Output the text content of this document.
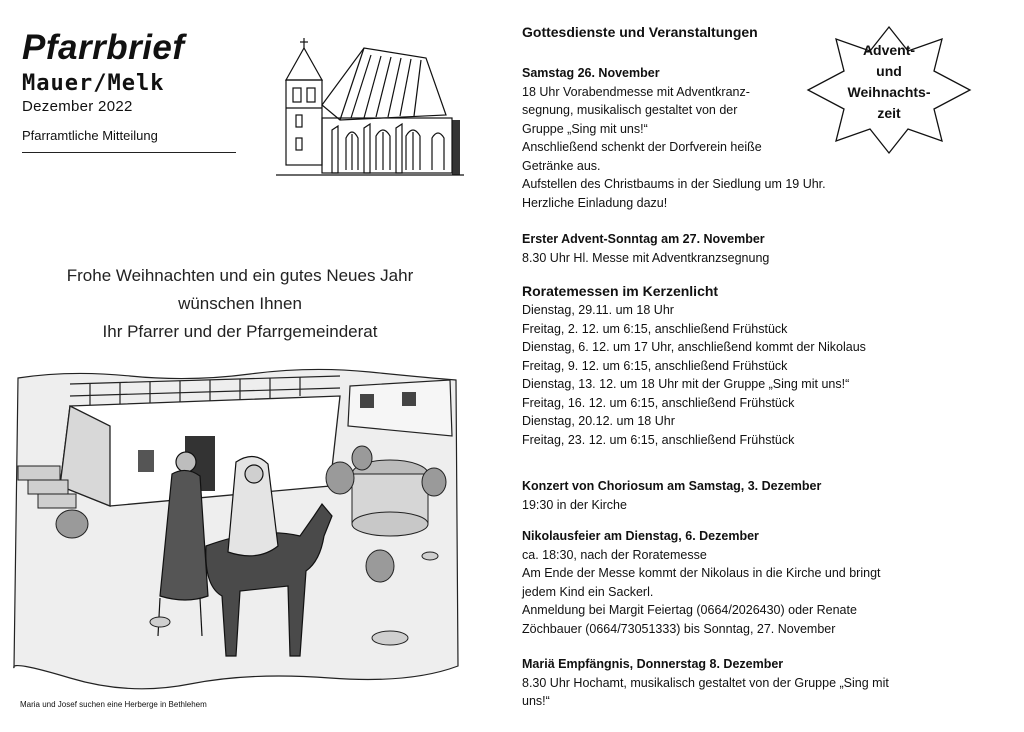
Pfarrbrief
Mauer/Melk
Dezember 2022
Pfarramtliche Mitteilung
Frohe Weihnachten und ein gutes Neues Jahr
wünschen Ihnen
Ihr Pfarrer und der Pfarrgemeinderat
Maria und Josef suchen eine Herberge in Bethlehem
Advent-
und
Weihnachts-
zeit
Gottesdienste und Veranstaltungen
Samstag 26. November
18 Uhr Vorabendmesse mit Adventkranz-
segnung, musikalisch gestaltet von der
Gruppe „Sing mit uns!“
Anschließend schenkt der Dorfverein heiße
Getränke aus.
Aufstellen des Christbaums in der Siedlung um 19 Uhr.
Herzliche Einladung dazu!
Erster Advent-Sonntag am 27. November
8.30 Uhr Hl. Messe mit Adventkranzsegnung
Roratemessen im Kerzenlicht
Dienstag, 29.11. um 18 Uhr
Freitag, 2. 12. um 6:15, anschließend Frühstück
Dienstag, 6. 12. um 17 Uhr, anschließend kommt der Nikolaus
Freitag, 9. 12. um 6:15, anschließend Frühstück
Dienstag, 13. 12. um 18 Uhr mit der Gruppe „Sing mit uns!“
Freitag, 16. 12. um 6:15, anschließend Frühstück
Dienstag, 20.12. um 18 Uhr
Freitag, 23. 12. um 6:15, anschließend Frühstück
Konzert von Choriosum am Samstag, 3. Dezember
19:30 in der Kirche
Nikolausfeier am Dienstag, 6. Dezember
ca. 18:30, nach der Roratemesse
Am Ende der Messe kommt der Nikolaus in die Kirche und bringt
jedem Kind ein Sackerl.
Anmeldung bei Margit Feiertag (0664/2026430) oder Renate
Zöchbauer (0664/73051333) bis Sonntag, 27. November
Mariä Empfängnis, Donnerstag 8. Dezember
8.30 Uhr Hochamt, musikalisch gestaltet von der Gruppe „Sing mit
uns!“
